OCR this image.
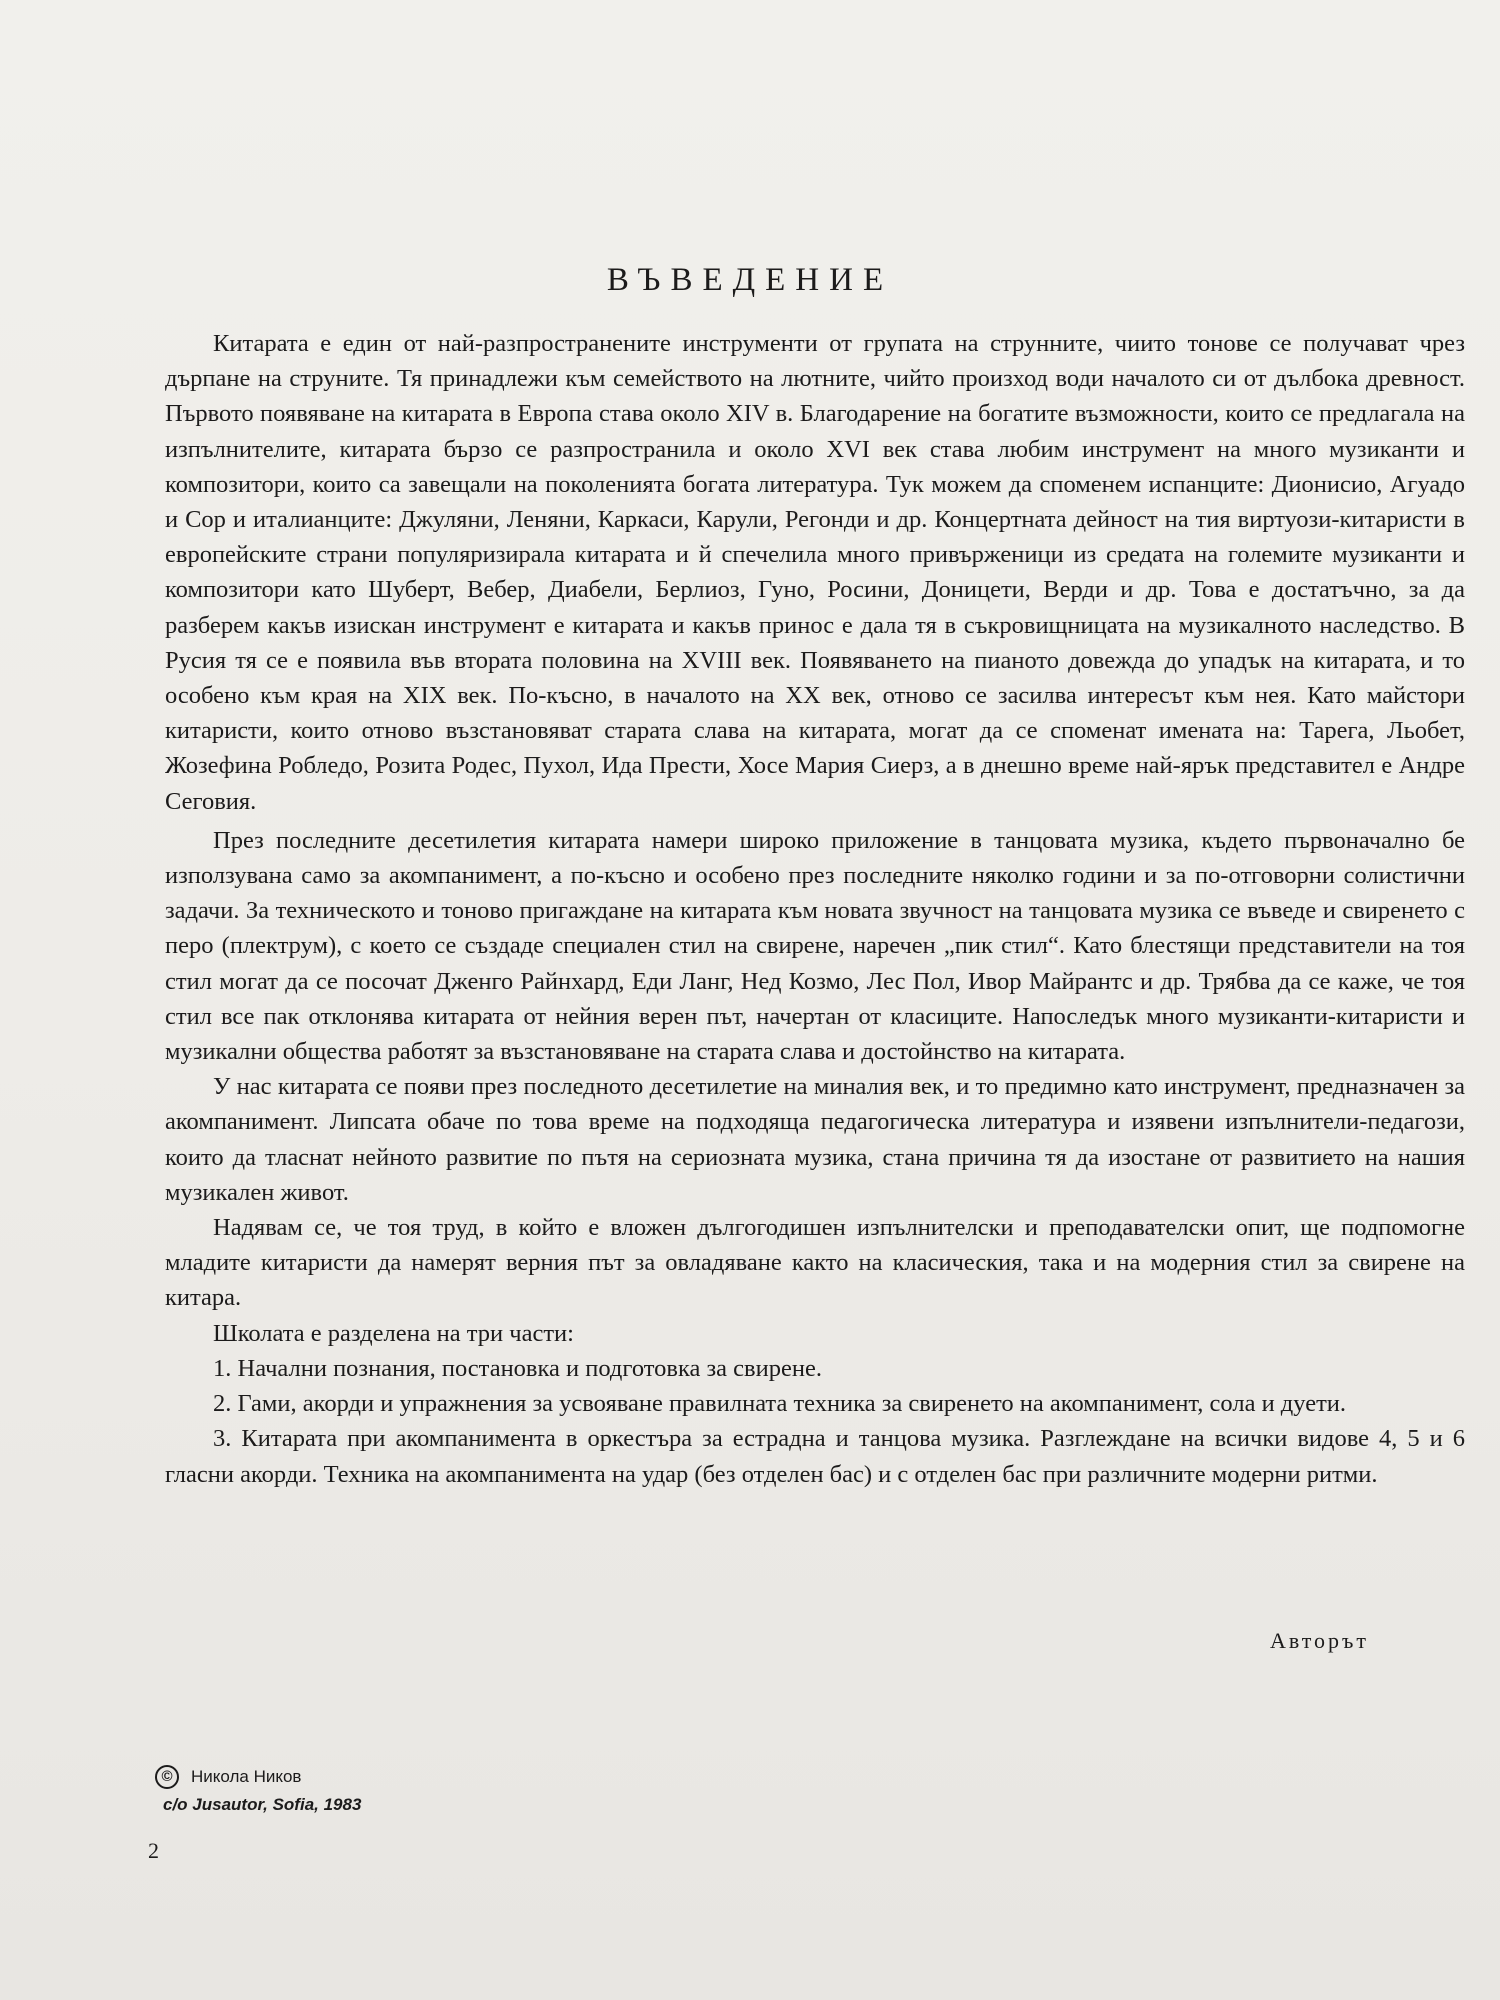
ВЪВЕДЕНИЕ

Китарата е един от най-разпространените инструменти от групата на струнните, чиито тонове се получават чрез дърпане на струните. Тя принадлежи към семейството на лютните, чийто произход води началото си от дълбока древност. Първото появяване на китарата в Европа става около XIV в. Благодарение на богатите възможности, които се предлагала на изпълнителите, китарата бързо се разпространила и около XVI век става любим инструмент на много музиканти и композитори, които са завещали на поколенията богата литература. Тук можем да споменем испанците: Дионисио, Агуадо и Сор и италианците: Джуляни, Леняни, Каркаси, Карули, Регонди и др. Концертната дейност на тия виртуози-китаристи в европейските страни популяризирала китарата и й спечелила много привърженици из средата на големите музиканти и композитори като Шуберт, Вебер, Диабели, Берлиоз, Гуно, Росини, Доницети, Верди и др. Това е достатъчно, за да разберем какъв изискан инструмент е китарата и какъв принос е дала тя в съкровищницата на музикалното наследство. В Русия тя се е появила във втората половина на XVIII век. Появяването на пианото довежда до упадък на китарата, и то особено към края на XIX век. По-късно, в началото на XX век, отново се засилва интересът към нея. Като майстори китаристи, които отново възстановяват старата слава на китарата, могат да се споменат имената на: Тарега, Льобет, Жозефина Робледо, Розита Родес, Пухол, Ида Прести, Хосе Мария Сиерз, а в днешно време най-ярък представител е Андре Сеговия.

През последните десетилетия китарата намери широко приложение в танцовата музика, където първоначално бе използувана само за акомпанимент, а по-късно и особено през последните няколко години и за по-отговорни солистични задачи. За техническото и тоново пригаждане на китарата към новата звучност на танцовата музика се въведе и свиренето с перо (плектрум), с което се създаде специален стил на свирене, наречен „пик стил“. Като блестящи представители на тоя стил могат да се посочат Дженго Райнхард, Еди Ланг, Нед Козмо, Лес Пол, Ивор Майрантс и др. Трябва да се каже, че тоя стил все пак отклонява китарата от нейния верен път, начертан от класиците. Напоследък много музиканти-китаристи и музикални общества работят за възстановяване на старата слава и достойнство на китарата.

У нас китарата се появи през последното десетилетие на миналия век, и то предимно като инструмент, предназначен за акомпанимент. Липсата обаче по това време на подходяща педагогическа литература и изявени изпълнители-педагози, които да тласнат нейното развитие по пътя на сериозната музика, стана причина тя да изостане от развитието на нашия музикален живот.

Надявам се, че тоя труд, в който е вложен дългогодишен изпълнителски и преподавателски опит, ще подпомогне младите китаристи да намерят верния път за овладяване както на класическия, така и на модерния стил за свирене на китара.

Школата е разделена на три части:

1. Начални познания, постановка и подготовка за свирене.
2. Гами, акорди и упражнения за усвояване правилната техника за свиренето на акомпанимент, сола и дуети.
3. Китарата при акомпанимента в оркестъра за естрадна и танцова музика. Разглеждане на всички видове 4, 5 и 6 гласни акорди. Техника на акомпанимента на удар (без отделен бас) и с отделен бас при различните модерни ритми.
Авторът
©	Никола Ников
c/o Jusautor, Sofia, 1983
2
